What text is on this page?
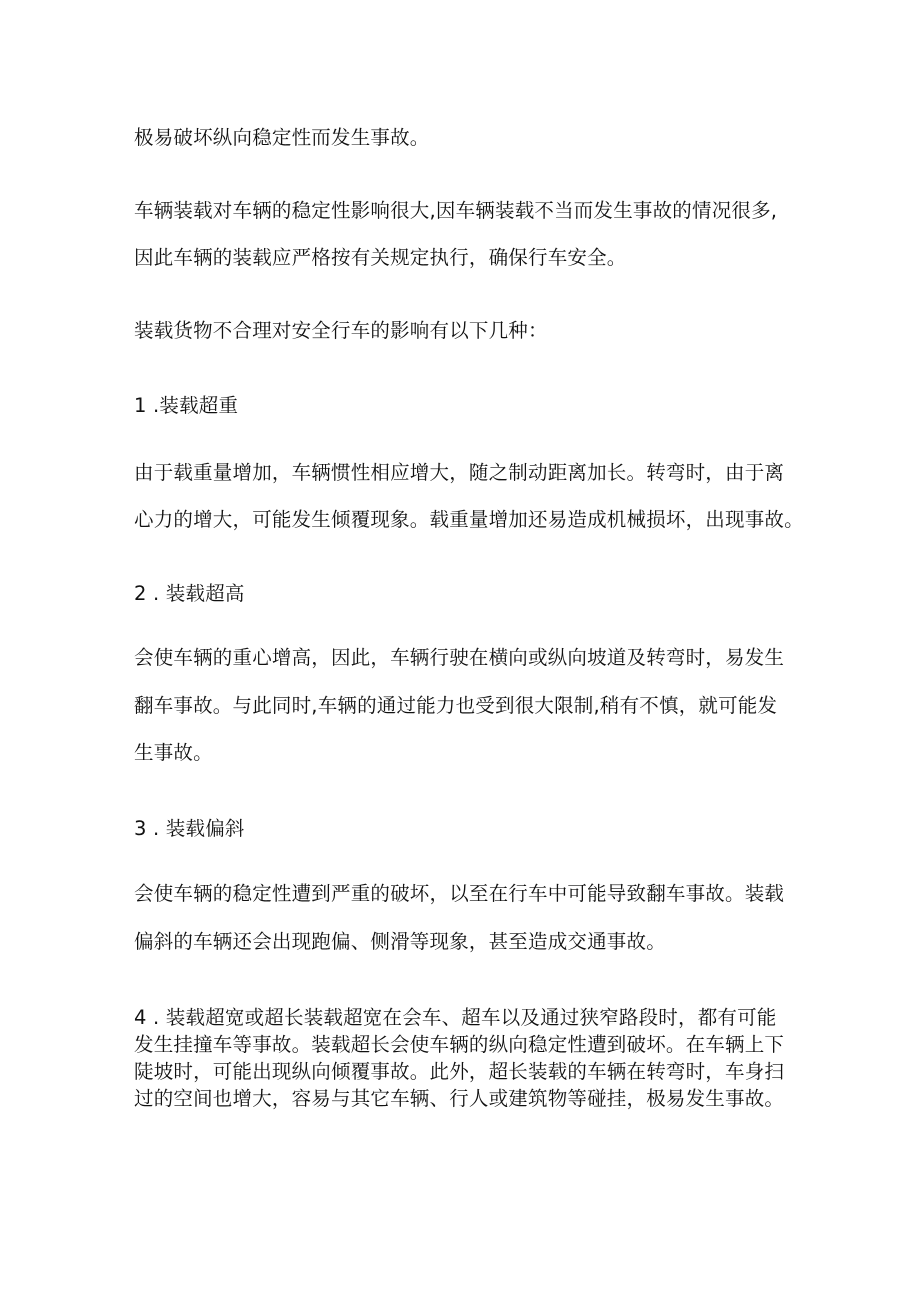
极易破坏纵向稳定性而发生事故。

车辆装载对车辆的稳定性影响很大,因车辆装载不当而发生事故的情况很多,

因此车辆的装载应严格按有关规定执行，确保行车安全。

装载货物不合理对安全行车的影响有以下几种：

1 .装载超重

由于载重量增加，车辆惯性相应增大，随之制动距离加长。转弯时，由于离

心力的增大，可能发生倾覆现象。载重量增加还易造成机械损坏，出现事故。

2 . 装载超高

会使车辆的重心增高，因此，车辆行驶在横向或纵向坡道及转弯时，易发生

翻车事故。与此同时,车辆的通过能力也受到很大限制,稍有不慎，就可能发

生事故。

3 . 装载偏斜

会使车辆的稳定性遭到严重的破坏，以至在行车中可能导致翻车事故。装载

偏斜的车辆还会出现跑偏、侧滑等现象，甚至造成交通事故。

4 . 装载超宽或超长装载超宽在会车、超车以及通过狭窄路段时，都有可能

发生挂撞车等事故。装载超长会使车辆的纵向稳定性遭到破坏。在车辆上下

陡坡时，可能出现纵向倾覆事故。此外，超长装载的车辆在转弯时，车身扫

过的空间也增大，容易与其它车辆、行人或建筑物等碰挂，极易发生事故。
